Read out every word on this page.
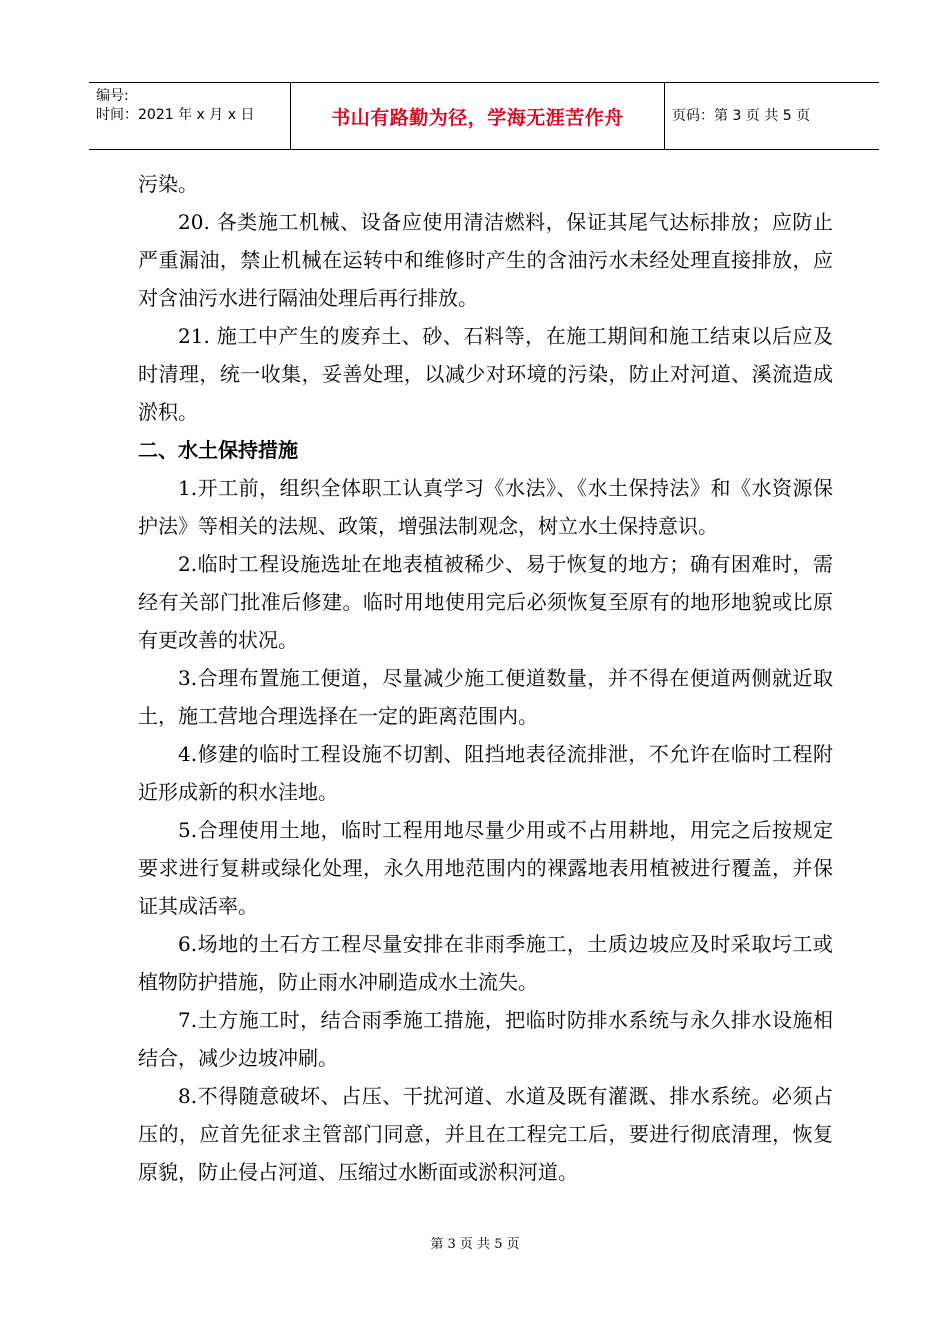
编号:
时间：2021 年 x 月 x 日	书山有路勤为径，学海无涯苦作舟	页码：第 3 页 共 5 页

污染。

20. 各类施工机械、设备应使用清洁燃料，保证其尾气达标排放；应防止严重漏油，禁止机械在运转中和维修时产生的含油污水未经处理直接排放，应对含油污水进行隔油处理后再行排放。

21. 施工中产生的废弃土、砂、石料等，在施工期间和施工结束以后应及时清理，统一收集，妥善处理，以减少对环境的污染，防止对河道、溪流造成淤积。

二、水土保持措施

1.开工前，组织全体职工认真学习《水法》、《水土保持法》和《水资源保护法》等相关的法规、政策，增强法制观念，树立水土保持意识。

2.临时工程设施选址在地表植被稀少、易于恢复的地方；确有困难时，需经有关部门批准后修建。临时用地使用完后必须恢复至原有的地形地貌或比原有更改善的状况。

3.合理布置施工便道，尽量减少施工便道数量，并不得在便道两侧就近取土，施工营地合理选择在一定的距离范围内。

4.修建的临时工程设施不切割、阻挡地表径流排泄，不允许在临时工程附近形成新的积水洼地。

5.合理使用土地，临时工程用地尽量少用或不占用耕地，用完之后按规定要求进行复耕或绿化处理，永久用地范围内的裸露地表用植被进行覆盖，并保证其成活率。

6.场地的土石方工程尽量安排在非雨季施工，土质边坡应及时采取圬工或植物防护措施，防止雨水冲刷造成水土流失。

7.土方施工时，结合雨季施工措施，把临时防排水系统与永久排水设施相结合，减少边坡冲刷。

8.不得随意破坏、占压、干扰河道、水道及既有灌溉、排水系统。必须占压的，应首先征求主管部门同意，并且在工程完工后，要进行彻底清理，恢复原貌，防止侵占河道、压缩过水断面或淤积河道。

第 3 页 共 5 页
